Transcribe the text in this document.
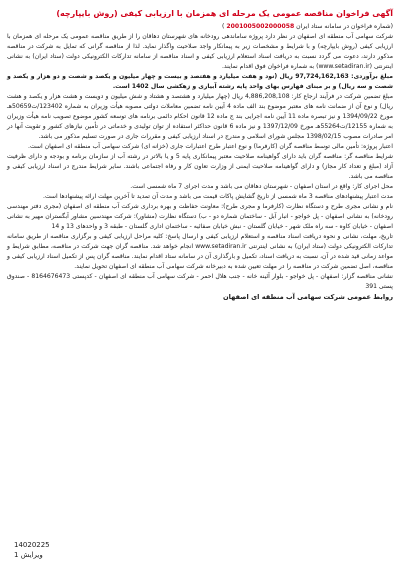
آگهی فراخوان مناقصه عمومی یک مرحله ای همزمان با ارزیابی کیفی (روش بایپارچه)

(شماره فراخوان در سامانه ستاد ایران 2001005002000058 )

شرکت سهامی آب منطقه ای اصفهان در نظر دارد پروژه ساماندهی رودخانه های شهرستان دهاقان را از طریق مناقصه عمومی یک مرحله ای همزمان با ارزیابی کیفی (روش بایپارچه) و با شرایط و مشخصات زیر به پیمانکار واجد صلاحیت واگذار نماید. لذا از مناقصه گرانی که تمایل به شرکت در مناقصه مذکور دارند، دعوت می گردد نسبت به دریافت اسناد استعلام ارزیابی کیفی و اسناد مناقصه از سامانه تدارکات الکترونیکی دولت (ستاد ایران) به نشانی اینترنتی (www.setadiran.ir) به شماره فراخوان فوق اقدام نمایند.

مبلغ برآوردی: 97,724,162,163 ریال (نود و هفت میلیارد و هفتصد و بیست و چهار میلیون و یکصد و شصت و دو هزار و یکصد و شصت و سه ریال) و بر مبنای فهارس بهای واحد پایه رشته آبیاری و زهکشی سال 1402 است.

مبلغ تضمین شرکت در فرآیند ارجاع کار: 4,886,208,108 ریال (چهار میلیارد و هشتصد و هشتاد و شش میلیون و دویست و هشت هزار و یکصد و هشت ریال) و نوع آن از ضمانت نامه های معتبر موضوع بند الف ماده 4 آیین نامه تضمین معاملات دولتی مصوبه هیأت وزیران به شماره 123402/ت50659هـ مورخ 1394/09/22 و نیز تبصره ماده 11 آیین نامه اجرایی بند ج ماده 12 قانون احکام دائمی برنامه های توسعه کشور موضوع تصویب نامه هیأت وزیران به شماره 12155/ت55264هـ مورخ 1397/12/09 و نیز ماده 6 قانون حداکثر استفاده از توان تولیدی و خدماتی در تأمین نیازهای کشور و تقویت آنها در امر صادرات مصوب 1398/02/15 مجلس شورای اسلامی و مندرج در اسناد ارزیابی کیفی و مقررات جاری در صورت تسلیم مذکور می باشد.

اعتبار پروژه: تأمین مالی توسط مناقصه گران (کارفرما) و نوع اعتبار طرح اعتبارات جاری (خزانه ای) شرکت سهامی آب منطقه ای اصفهان است.

شرایط مناقصه گر: مناقصه گران باید دارای گواهینامه صلاحیت معتبر پیمانکاری پایه 5 و یا بالاتر در رشته آب از سازمان برنامه و بودجه و دارای ظرفیت آزاد (مبلغ و تعداد کار مجاز) و دارای گواهینامه صلاحیت ایمنی از وزارت تعاون کار و رفاه اجتماعی باشند. سایر شرایط مندرج در اسناد ارزیابی کیفی و مناقصه می باشد.

محل اجرای کار: واقع در استان اصفهان - شهرستان دهاقان می باشد و مدت اجرای 7 ماه شمسی است.

مدت اعتبار پیشنهادهای مناقصه 3 ماه شمسی از تاریخ گشایش پاکات قیمت می باشد و مدت آن تمدید تا آخرین مهلت ارائه پیشنهادها است.

نام و نشانی مجری طرح و دستگاه نظارت (کارفرما و مجری طرح): معاونت حفاظت و بهره برداری شرکت آب منطقه ای اصفهان (مجری دفتر مهندسی رودخانه) به نشانی اصفهان - پل خواجو - انبار آبل - ساختمان شماره دو - ب) دستگاه نظارت (مشاور): شرکت مهندسین مشاور آبگستران مهیر به نشانی اصفهان - خیابان کاوه - سه راه ملک شهر - خیابان گلستان - نبش خیابان صفائیه - ساختمان اداری گلستان - طبقه 3 و واحدهای 13 و 14

تاریخ، مهلت، نشانی و نحوه دریافت اسناد مناقصه و استعلام ارزیابی کیفی و ارسال پاسخ: کلیه مراحل ارزیابی کیفی و برگزاری مناقصه از طریق سامانه تدارکات الکترونیکی دولت (ستاد ایران) به نشانی اینترنتی www.setadiran.ir انجام خواهد شد. مناقصه گران جهت شرکت در مناقصه، مطابق شرایط و مواعد زمانی قید شده در آن، نسبت به دریافت اسناد، تکمیل و بارگذاری آن در سامانه ستاد اقدام نمایند. مناقصه گران پس از تکمیل اسناد ارزیابی کیفی و مناقصه، اصل تضمین شرکت در مناقصه را در مهلت تعیین شده به دبیرخانه شرکت سهامی آب منطقه ای اصفهان تحویل نمایند.

نشانی مناقصه گزار: اصفهان - پل خواجو - بلوار آئینه خانه - جنب هلال احمر - شرکت سهامی آب منطقه ای اصفهان - کدپستی 8164676473 - صندوق پستی 391

روابط عمومی شرکت سهامی آب منطقه ای اصفهان

14020225
ویرایش 1
